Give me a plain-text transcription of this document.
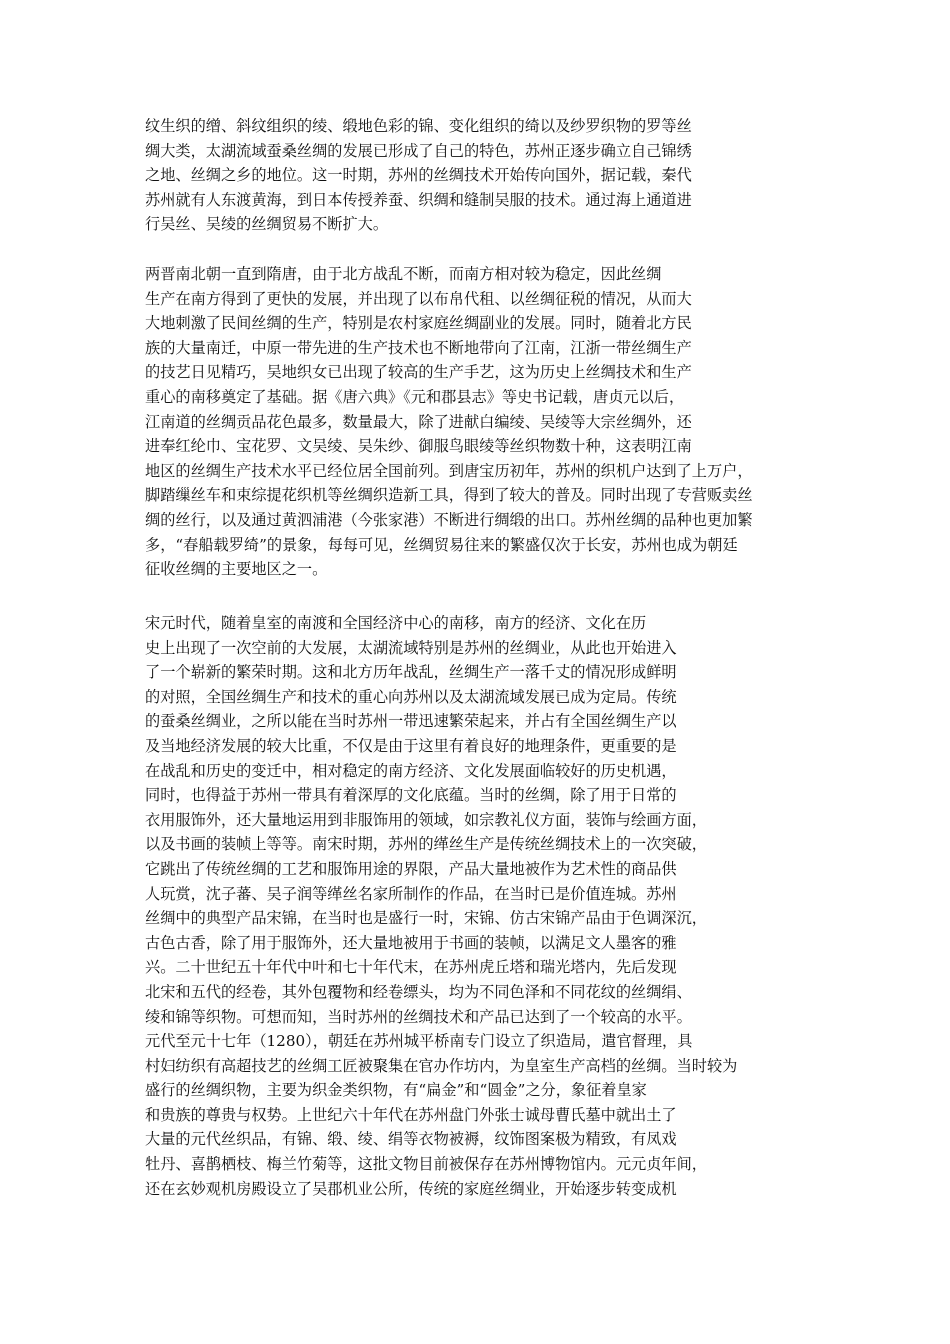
纹生织的缯、斜纹组织的绫、缎地色彩的锦、变化组织的绮以及纱罗织物的罗等丝
绸大类，太湖流域蚕桑丝绸的发展已形成了自己的特色，苏州正逐步确立自己锦绣
之地、丝绸之乡的地位。这一时期，苏州的丝绸技术开始传向国外，据记载，秦代
苏州就有人东渡黄海，到日本传授养蚕、织绸和缝制吴服的技术。通过海上通道进
行吴丝、吴绫的丝绸贸易不断扩大。
两晋南北朝一直到隋唐，由于北方战乱不断，而南方相对较为稳定，因此丝绸
生产在南方得到了更快的发展，并出现了以布帛代租、以丝绸征税的情况，从而大
大地刺激了民间丝绸的生产，特别是农村家庭丝绸副业的发展。同时，随着北方民
族的大量南迁，中原一带先进的生产技术也不断地带向了江南，江浙一带丝绸生产
的技艺日见精巧，吴地织女已出现了较高的生产手艺，这为历史上丝绸技术和生产
重心的南移奠定了基础。据《唐六典》《元和郡县志》等史书记载，唐贞元以后，
江南道的丝绸贡品花色最多，数量最大，除了进献白编绫、吴绫等大宗丝绸外，还
进奉红纶巾、宝花罗、文吴绫、吴朱纱、御服鸟眼绫等丝织物数十种，这表明江南
地区的丝绸生产技术水平已经位居全国前列。到唐宝历初年，苏州的织机户达到了上万户，
脚踏缫丝车和束综提花织机等丝绸织造新工具，得到了较大的普及。同时出现了专营贩卖丝
绸的丝行，以及通过黄泗浦港（今张家港）不断进行绸缎的出口。苏州丝绸的品种也更加繁
多，“春船载罗绮”的景象，每每可见，丝绸贸易往来的繁盛仅次于长安，苏州也成为朝廷
征收丝绸的主要地区之一。
宋元时代，随着皇室的南渡和全国经济中心的南移，南方的经济、文化在历
史上出现了一次空前的大发展，太湖流域特别是苏州的丝绸业，从此也开始进入
了一个崭新的繁荣时期。这和北方历年战乱，丝绸生产一落千丈的情况形成鲜明
的对照，全国丝绸生产和技术的重心向苏州以及太湖流域发展已成为定局。传统
的蚕桑丝绸业，之所以能在当时苏州一带迅速繁荣起来，并占有全国丝绸生产以
及当地经济发展的较大比重，不仅是由于这里有着良好的地理条件，更重要的是
在战乱和历史的变迁中，相对稳定的南方经济、文化发展面临较好的历史机遇，
同时，也得益于苏州一带具有着深厚的文化底蕴。当时的丝绸，除了用于日常的
衣用服饰外，还大量地运用到非服饰用的领域，如宗教礼仪方面，装饰与绘画方面，
以及书画的装帧上等等。南宋时期，苏州的缂丝生产是传统丝绸技术上的一次突破，
它跳出了传统丝绸的工艺和服饰用途的界限，产品大量地被作为艺术性的商品供
人玩赏，沈子蕃、吴子润等缂丝名家所制作的作品，在当时已是价值连城。苏州
丝绸中的典型产品宋锦，在当时也是盛行一时，宋锦、仿古宋锦产品由于色调深沉，
古色古香，除了用于服饰外，还大量地被用于书画的装帧，以满足文人墨客的雅
兴。二十世纪五十年代中叶和七十年代末，在苏州虎丘塔和瑞光塔内，先后发现
北宋和五代的经卷，其外包覆物和经卷缥头，均为不同色泽和不同花纹的丝绸绢、
绫和锦等织物。可想而知，当时苏州的丝绸技术和产品已达到了一个较高的水平。
元代至元十七年（1280），朝廷在苏州城平桥南专门设立了织造局，遣官督理，具
村妇纺织有高超技艺的丝绸工匠被聚集在官办作坊内，为皇室生产高档的丝绸。当时较为
盛行的丝绸织物，主要为织金类织物，有“扁金”和“圆金”之分，象征着皇家
和贵族的尊贵与权势。上世纪六十年代在苏州盘门外张士诚母曹氏墓中就出土了
大量的元代丝织品，有锦、缎、绫、绢等衣物被褥，纹饰图案极为精致，有凤戏
牡丹、喜鹊栖枝、梅兰竹菊等，这批文物目前被保存在苏州博物馆内。元元贞年间，
还在玄妙观机房殿设立了吴郡机业公所，传统的家庭丝绸业，开始逐步转变成机
